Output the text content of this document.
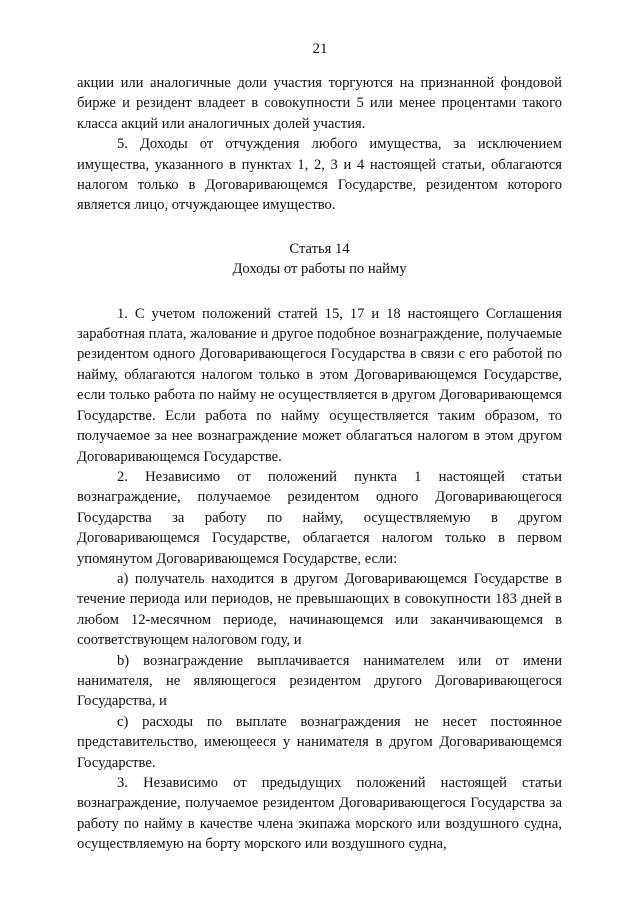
21

акции или аналогичные доли участия торгуются на признанной фондовой бирже и резидент владеет в совокупности 5 или менее процентами такого класса акций или аналогичных долей участия.

5. Доходы от отчуждения любого имущества, за исключением имущества, указанного в пунктах 1, 2, 3 и 4 настоящей статьи, облагаются налогом только в Договаривающемся Государстве, резидентом которого является лицо, отчуждающее имущество.

Статья 14
Доходы от работы по найму

1. С учетом положений статей 15, 17 и 18 настоящего Соглашения заработная плата, жалование и другое подобное вознаграждение, получаемые резидентом одного Договаривающегося Государства в связи с его работой по найму, облагаются налогом только в этом Договаривающемся Государстве, если только работа по найму не осуществляется в другом Договаривающемся Государстве. Если работа по найму осуществляется таким образом, то получаемое за нее вознаграждение может облагаться налогом в этом другом Договаривающемся Государстве.

2. Независимо от положений пункта 1 настоящей статьи вознаграждение, получаемое резидентом одного Договаривающегося Государства за работу по найму, осуществляемую в другом Договаривающемся Государстве, облагается налогом только в первом упомянутом Договаривающемся Государстве, если:

a) получатель находится в другом Договаривающемся Государстве в течение периода или периодов, не превышающих в совокупности 183 дней в любом 12-месячном периоде, начинающемся или заканчивающемся в соответствующем налоговом году, и

b) вознаграждение выплачивается нанимателем или от имени нанимателя, не являющегося резидентом другого Договаривающегося Государства, и

c) расходы по выплате вознаграждения не несет постоянное представительство, имеющееся у нанимателя в другом Договаривающемся Государстве.

3. Независимо от предыдущих положений настоящей статьи вознаграждение, получаемое резидентом Договаривающегося Государства за работу по найму в качестве члена экипажа морского или воздушного судна, осуществляемую на борту морского или воздушного судна,
